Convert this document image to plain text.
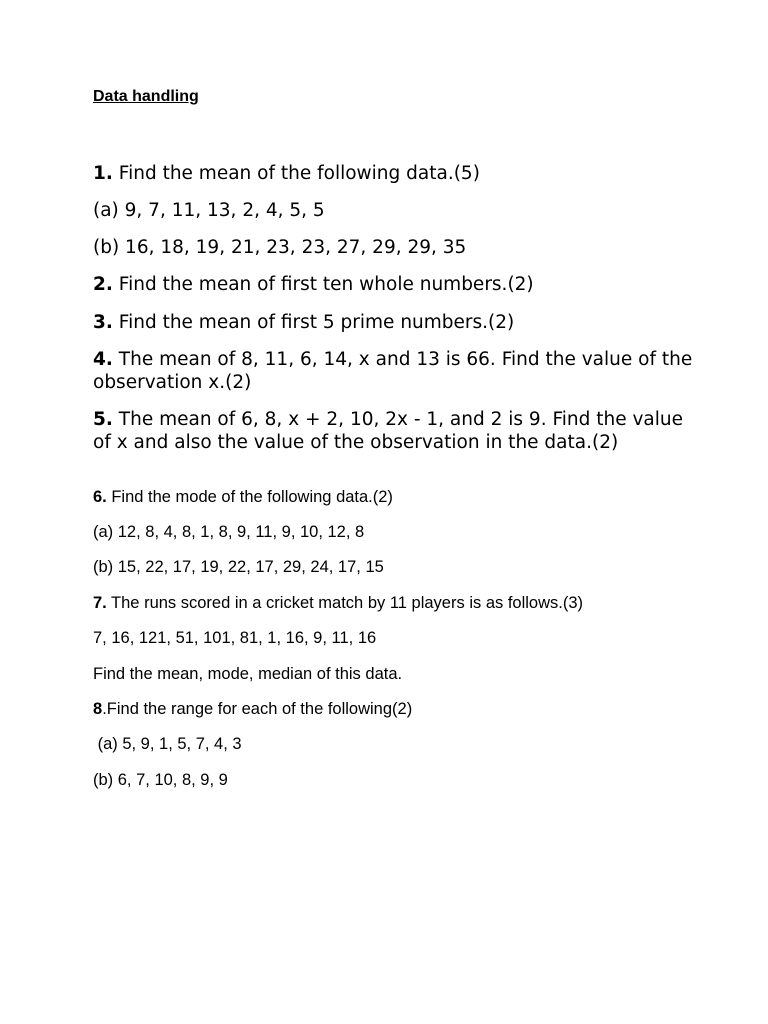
Data handling
1. Find the mean of the following data.(5)
(a) 9, 7, 11, 13, 2, 4, 5, 5
(b) 16, 18, 19, 21, 23, 23, 27, 29, 29, 35
2. Find the mean of first ten whole numbers.(2)
3. Find the mean of first 5 prime numbers.(2)
4. The mean of 8, 11, 6, 14, x and 13 is 66. Find the value of the observation x.(2)
5. The mean of 6, 8, x + 2, 10, 2x - 1, and 2 is 9. Find the value of x and also the value of the observation in the data.(2)
6. Find the mode of the following data.(2)
(a) 12, 8, 4, 8, 1, 8, 9, 11, 9, 10, 12, 8
(b) 15, 22, 17, 19, 22, 17, 29, 24, 17, 15
7. The runs scored in a cricket match by 11 players is as follows.(3)
7, 16, 121, 51, 101, 81, 1, 16, 9, 11, 16
Find the mean, mode, median of this data.
8.Find the range for each of the following(2)
(a) 5, 9, 1, 5, 7, 4, 3
(b) 6, 7, 10, 8, 9, 9
